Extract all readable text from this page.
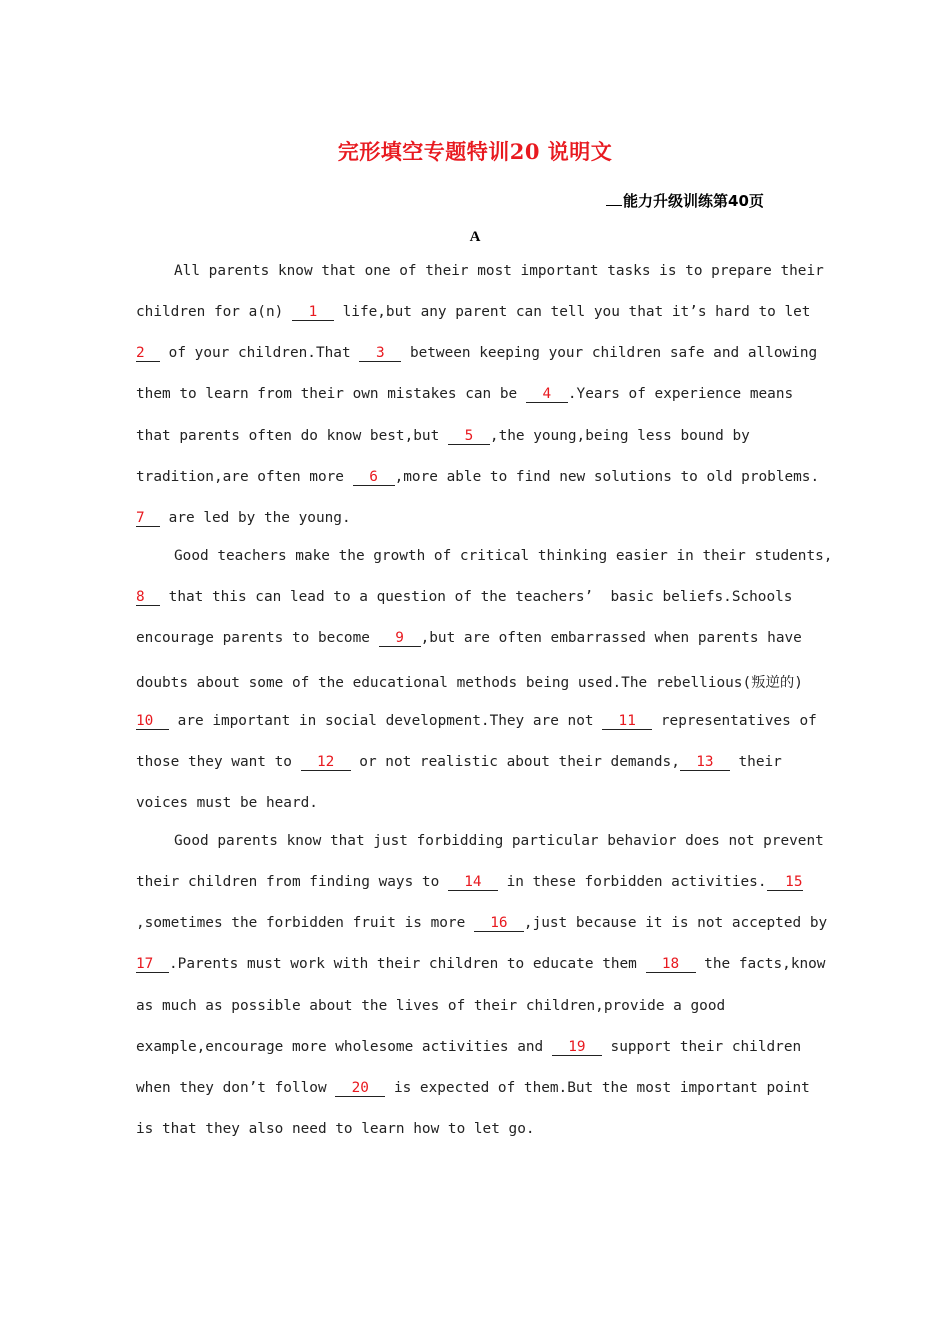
完形填空专题特训20 说明文
能力升级训练第40页
A
All parents know that one of their most important tasks is to prepare their
children for a(n) 1 life,but any parent can tell you that it’s hard to let
2 of your children.That 3 between keeping your children safe and allowing
them to learn from their own mistakes can be 4 .Years of experience means
that parents often do know best,but 5 ,the young,being less bound by
tradition,are often more 6 ,more able to find new solutions to old problems.
7 are led by the young.
Good teachers make the growth of critical thinking easier in their students,
8 that this can lead to a question of the teachers’  basic beliefs.Schools
encourage parents to become 9 ,but are often embarrassed when parents have
doubts about some of the educational methods being used.The rebellious(叛逆的)
10 are important in social development.They are not 11 representatives of
those they want to 12 or not realistic about their demands, 13 their
voices must be heard.
Good parents know that just forbidding particular behavior does not prevent
their children from finding ways to 14 in these forbidden activities. 15
,sometimes the forbidden fruit is more 16 ,just because it is not accepted by
17 .Parents must work with their children to educate them 18 the facts,know
as much as possible about the lives of their children,provide a good
example,encourage more wholesome activities and 19 support their children
when they don’t follow 20 is expected of them.But the most important point
is that they also need to learn how to let go.
